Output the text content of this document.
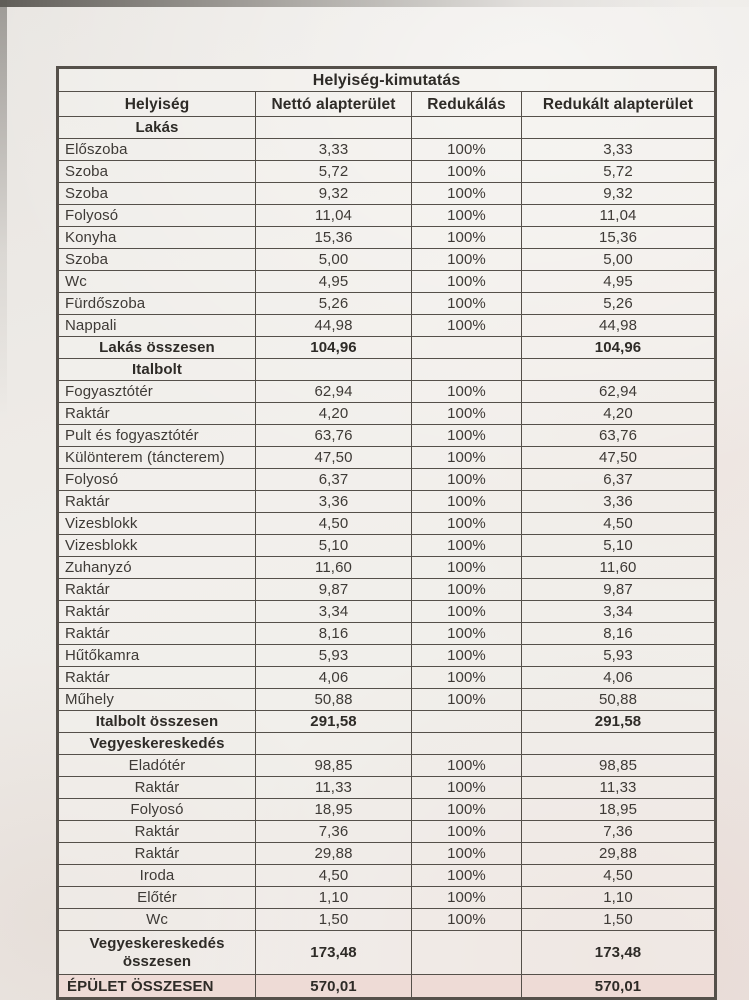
Helyiség-kimutatás			
Helyiség	Nettó alapterület	Redukálás	Redukált alapterület
Lakás			
Előszoba	3,33	100%	3,33
Szoba	5,72	100%	5,72
Szoba	9,32	100%	9,32
Folyosó	11,04	100%	11,04
Konyha	15,36	100%	15,36
Szoba	5,00	100%	5,00
Wc	4,95	100%	4,95
Fürdőszoba	5,26	100%	5,26
Nappali	44,98	100%	44,98
Lakás összesen	104,96		104,96
Italbolt			
Fogyasztótér	62,94	100%	62,94
Raktár	4,20	100%	4,20
Pult és fogyasztótér	63,76	100%	63,76
Különterem (táncterem)	47,50	100%	47,50
Folyosó	6,37	100%	6,37
Raktár	3,36	100%	3,36
Vizesblokk	4,50	100%	4,50
Vizesblokk	5,10	100%	5,10
Zuhanyzó	11,60	100%	11,60
Raktár	9,87	100%	9,87
Raktár	3,34	100%	3,34
Raktár	8,16	100%	8,16
Hűtőkamra	5,93	100%	5,93
Raktár	4,06	100%	4,06
Műhely	50,88	100%	50,88
Italbolt összesen	291,58		291,58
Vegyeskereskedés			
Eladótér	98,85	100%	98,85
Raktár	11,33	100%	11,33
Folyosó	18,95	100%	18,95
Raktár	7,36	100%	7,36
Raktár	29,88	100%	29,88
Iroda	4,50	100%	4,50
Előtér	1,10	100%	1,10
Wc	1,50	100%	1,50
Vegyeskereskedés összesen	173,48		173,48
ÉPÜLET ÖSSZESEN	570,01		570,01
